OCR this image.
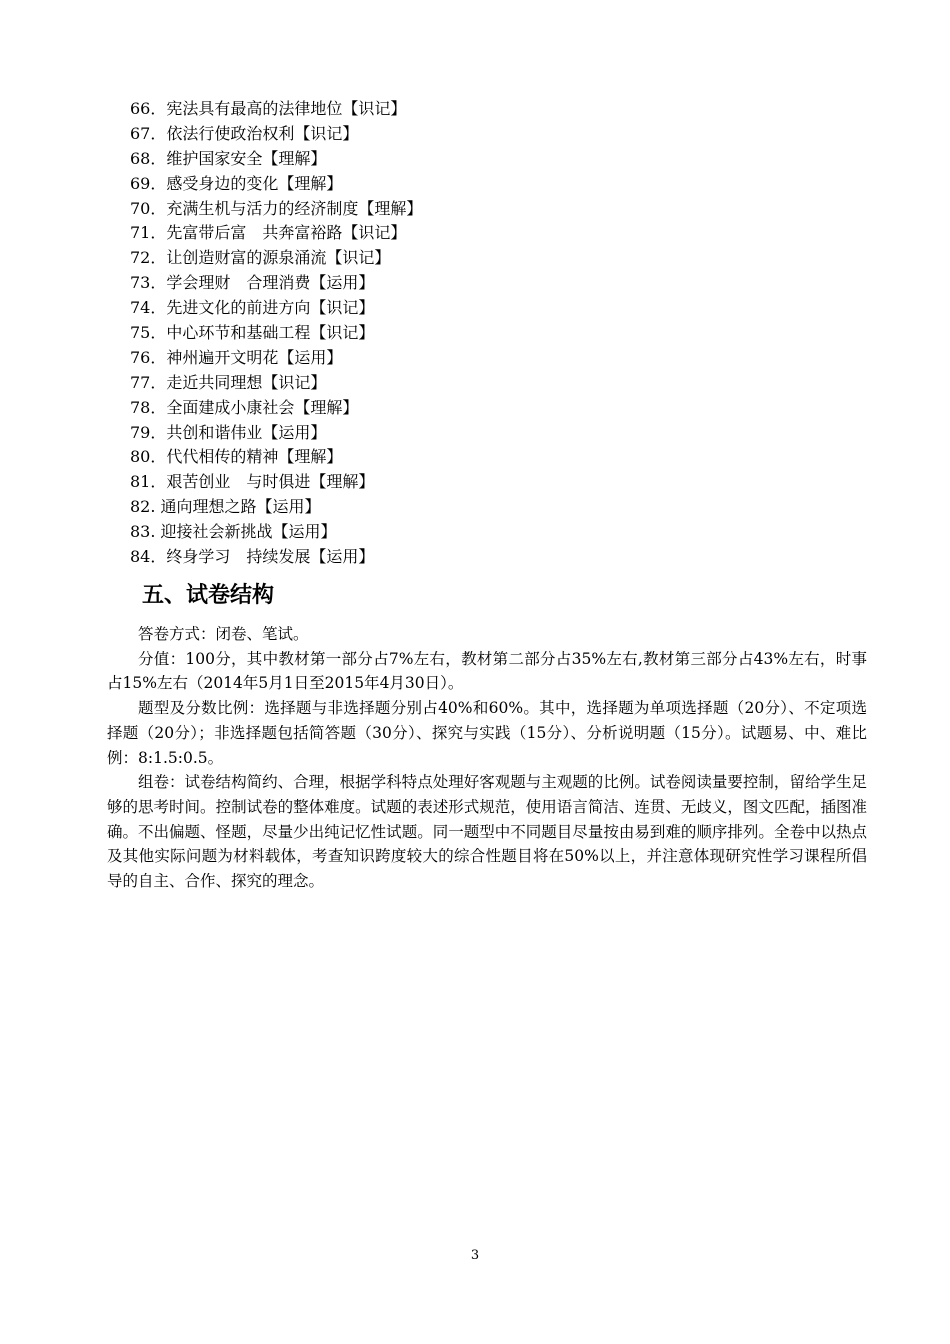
66．宪法具有最高的法律地位【识记】
67．依法行使政治权利【识记】
68．维护国家安全【理解】
69．感受身边的变化【理解】
70．充满生机与活力的经济制度【理解】
71．先富带后富　共奔富裕路【识记】
72．让创造财富的源泉涌流【识记】
73．学会理财　合理消费【运用】
74．先进文化的前进方向【识记】
75．中心环节和基础工程【识记】
76．神州遍开文明花【运用】
77．走近共同理想【识记】
78．全面建成小康社会【理解】
79．共创和谐伟业【运用】
80．代代相传的精神【理解】
81．艰苦创业　与时俱进【理解】
82. 通向理想之路【运用】
83. 迎接社会新挑战【运用】
84．终身学习　持续发展【运用】
五、试卷结构

答卷方式：闭卷、笔试。

分值：100分，其中教材第一部分占7%左右，教材第二部分占35%左右,教材第三部分占43%左右，时事占15%左右（2014年5月1日至2015年4月30日）。

题型及分数比例：选择题与非选择题分别占40%和60%。其中，选择题为单项选择题（20分）、不定项选择题（20分）；非选择题包括简答题（30分）、探究与实践（15分）、分析说明题（15分）。试题易、中、难比例：8:1.5:0.5。

组卷：试卷结构简约、合理，根据学科特点处理好客观题与主观题的比例。试卷阅读量要控制，留给学生足够的思考时间。控制试卷的整体难度。试题的表述形式规范，使用语言简洁、连贯、无歧义，图文匹配，插图准确。不出偏题、怪题，尽量少出纯记忆性试题。同一题型中不同题目尽量按由易到难的顺序排列。全卷中以热点及其他实际问题为材料载体，考查知识跨度较大的综合性题目将在50%以上，并注意体现研究性学习课程所倡导的自主、合作、探究的理念。

3
